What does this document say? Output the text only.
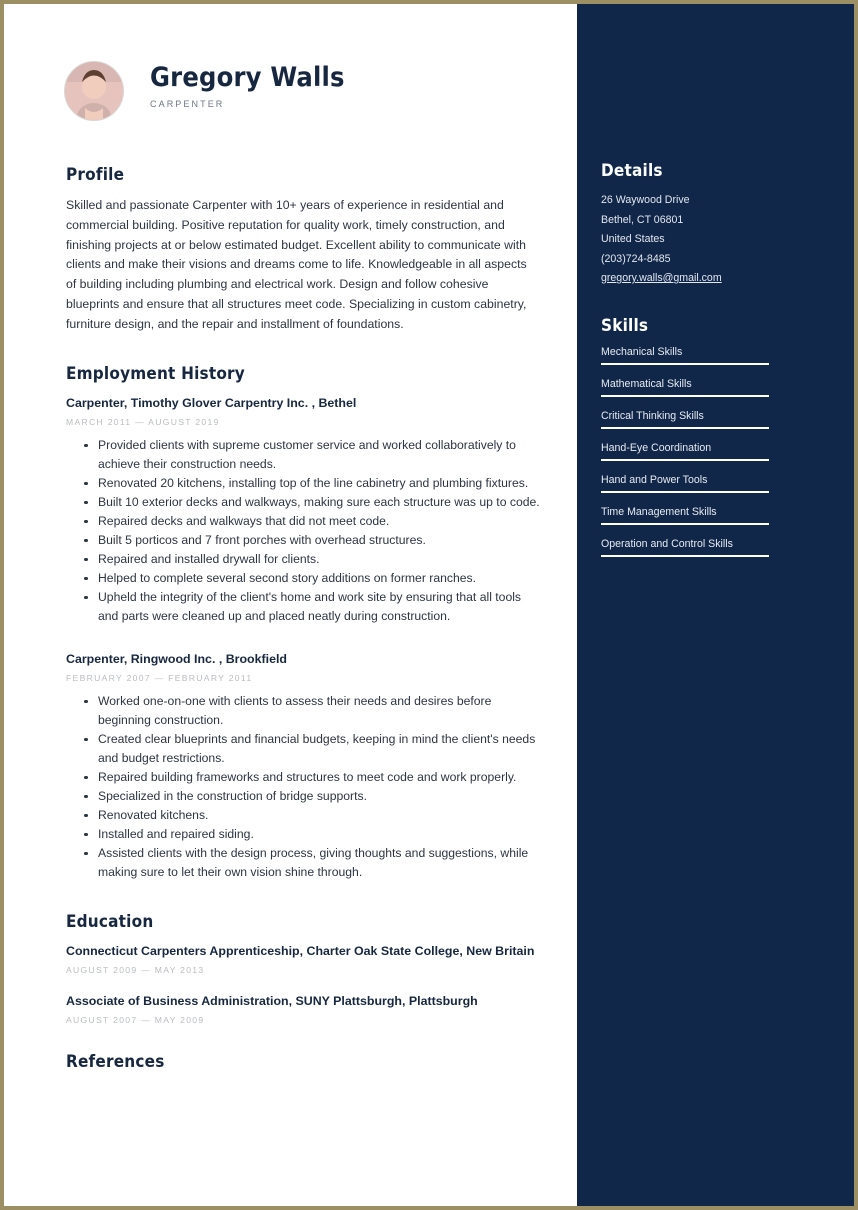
Gregory Walls
CARPENTER
Profile
Skilled and passionate Carpenter with 10+ years of experience in residential and commercial building. Positive reputation for quality work, timely construction, and finishing projects at or below estimated budget. Excellent ability to communicate with clients and make their visions and dreams come to life. Knowledgeable in all aspects of building including plumbing and electrical work. Design and follow cohesive blueprints and ensure that all structures meet code. Specializing in custom cabinetry, furniture design, and the repair and installment of foundations.
Employment History
Carpenter, Timothy Glover Carpentry Inc. , Bethel
MARCH 2011 — AUGUST 2019
Provided clients with supreme customer service and worked collaboratively to achieve their construction needs.
Renovated 20 kitchens, installing top of the line cabinetry and plumbing fixtures.
Built 10 exterior decks and walkways, making sure each structure was up to code.
Repaired decks and walkways that did not meet code.
Built 5 porticos and 7 front porches with overhead structures.
Repaired and installed drywall for clients.
Helped to complete several second story additions on former ranches.
Upheld the integrity of the client's home and work site by ensuring that all tools and parts were cleaned up and placed neatly during construction.
Carpenter, Ringwood Inc. , Brookfield
FEBRUARY 2007 — FEBRUARY 2011
Worked one-on-one with clients to assess their needs and desires before beginning construction.
Created clear blueprints and financial budgets, keeping in mind the client's needs and budget restrictions.
Repaired building frameworks and structures to meet code and work properly.
Specialized in the construction of bridge supports.
Renovated kitchens.
Installed and repaired siding.
Assisted clients with the design process, giving thoughts and suggestions, while making sure to let their own vision shine through.
Education
Connecticut Carpenters Apprenticeship, Charter Oak State College, New Britain
AUGUST 2009 — MAY 2013
Associate of Business Administration, SUNY Plattsburgh, Plattsburgh
AUGUST 2007 — MAY 2009
References
Details
26 Waywood Drive
Bethel, CT 06801
United States
(203)724-8485
gregory.walls@gmail.com
Skills
Mechanical Skills
Mathematical Skills
Critical Thinking Skills
Hand-Eye Coordination
Hand and Power Tools
Time Management Skills
Operation and Control Skills
